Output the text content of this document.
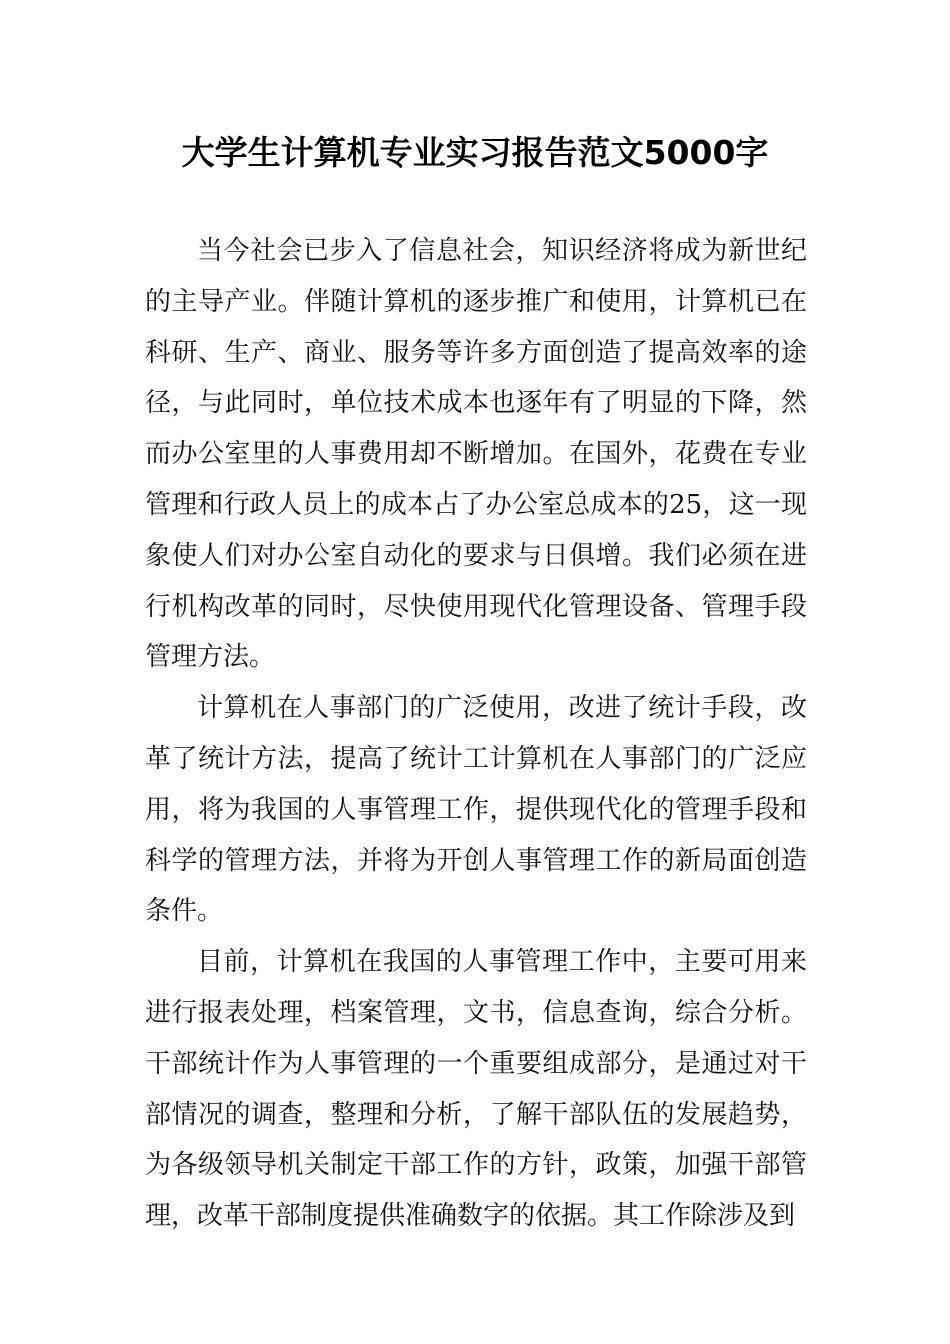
大学生计算机专业实习报告范文5000字

当今社会已步入了信息社会，知识经济将成为新世纪的主导产业。伴随计算机的逐步推广和使用，计算机已在科研、生产、商业、服务等许多方面创造了提高效率的途径，与此同时，单位技术成本也逐年有了明显的下降，然而办公室里的人事费用却不断增加。在国外，花费在专业管理和行政人员上的成本占了办公室总成本的25，这一现象使人们对办公室自动化的要求与日俱增。我们必须在进行机构改革的同时，尽快使用现代化管理设备、管理手段管理方法。

计算机在人事部门的广泛使用，改进了统计手段，改革了统计方法，提高了统计工计算机在人事部门的广泛应用，将为我国的人事管理工作，提供现代化的管理手段和科学的管理方法，并将为开创人事管理工作的新局面创造条件。

目前，计算机在我国的人事管理工作中，主要可用来进行报表处理，档案管理，文书，信息查询，综合分析。干部统计作为人事管理的一个重要组成部分，是通过对干部情况的调查，整理和分析，了解干部队伍的发展趋势，为各级领导机关制定干部工作的方针，政策，加强干部管理，改革干部制度提供准确数字的依据。其工作除涉及到
